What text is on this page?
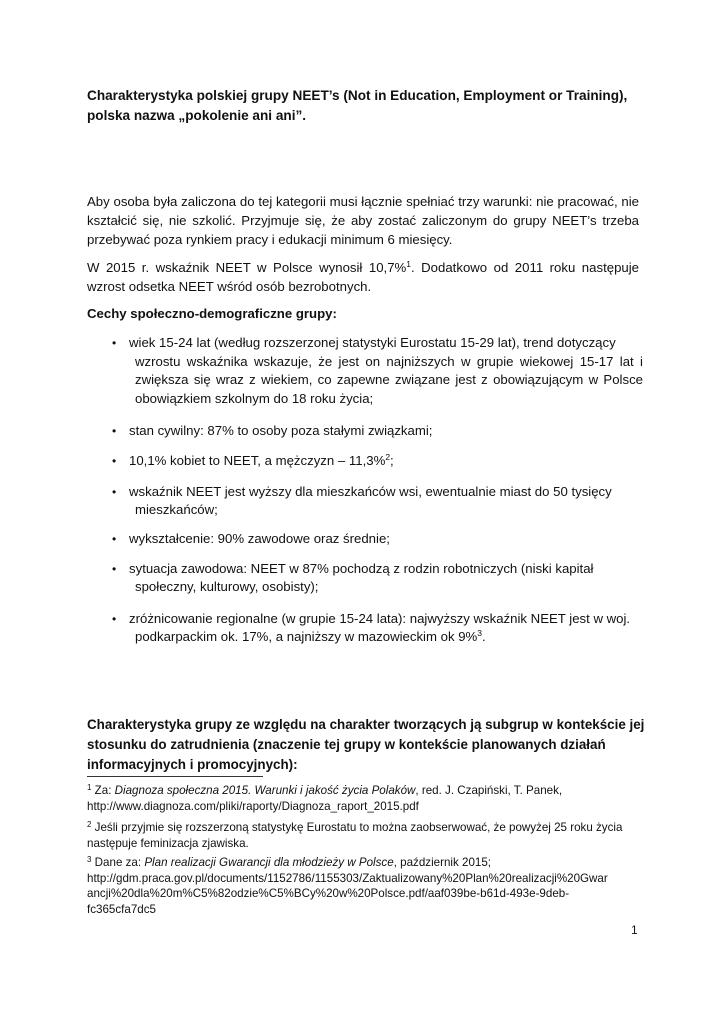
Charakterystyka polskiej grupy NEET’s (Not in Education, Employment or Training),
polska nazwa „pokolenie ani ani”.
Aby osoba była zaliczona do tej kategorii musi łącznie spełniać trzy warunki: nie pracować, nie kształcić się, nie szkolić. Przyjmuje się, że aby zostać zaliczonym do grupy NEET’s trzeba przebywać poza rynkiem pracy i edukacji minimum 6 miesięcy.
W 2015 r. wskaźnik NEET w Polsce wynosił 10,7%$^1$. Dodatkowo od 2011 roku następuje wzrost odsetka NEET wśród osób bezrobotnych.
Cechy społeczno-demograficzne grupy:
• wiek 15-24 lat (według rozszerzonej statystyki Eurostatu 15-29 lat), trend dotyczący
wzrostu wskaźnika wskazuje, że jest on najniższych w grupie wiekowej 15-17 lat i zwiększa się wraz z wiekiem, co zapewne związane jest z obowiązującym w Polsce obowiązkiem szkolnym do 18 roku życia;
• stan cywilny: 87% to osoby poza stałymi związkami;
• 10,1% kobiet to NEET, a mężczyzn – 11,3%$^2$;
• wskaźnik NEET jest wyższy dla mieszkańców wsi, ewentualnie miast do 50 tysięcy
mieszkańców;
• wykształcenie: 90% zawodowe oraz średnie;
• sytuacja zawodowa: NEET w 87% pochodzą z rodzin robotniczych (niski kapitał
społeczny, kulturowy, osobisty);
• zróżnicowanie regionalne (w grupie 15-24 lata): najwyższy wskaźnik NEET jest w woj.
podkarpackim ok. 17%, a najniższy w mazowieckim ok 9%$^3$.
Charakterystyka grupy ze względu na charakter tworzących ją subgrup w kontekście jej stosunku do zatrudnienia (znaczenie tej grupy w kontekście planowanych działań informacyjnych i promocyjnych):
$^1$ Za: Diagnoza społeczna 2015. Warunki i jakość życia Polaków, red. J. Czapiński, T. Panek,
http://www.diagnoza.com/pliki/raporty/Diagnoza_raport_2015.pdf
$^2$ Jeśli przyjmie się rozszerzoną statystykę Eurostatu to można zaobserwować, że powyżej 25 roku życia następuje feminizacja zjawiska.
$^3$ Dane za: Plan realizacji Gwarancji dla młodzieży w Polsce, październik 2015;
http://gdm.praca.gov.pl/documents/1152786/1155303/Zaktualizowany%20Plan%20realizacji%20Gwar
ancji%20dla%20m%C5%82odzie%C5%BCy%20w%20Polsce.pdf/aaf039be-b61d-493e-9deb-
fc365cfa7dc5
1
